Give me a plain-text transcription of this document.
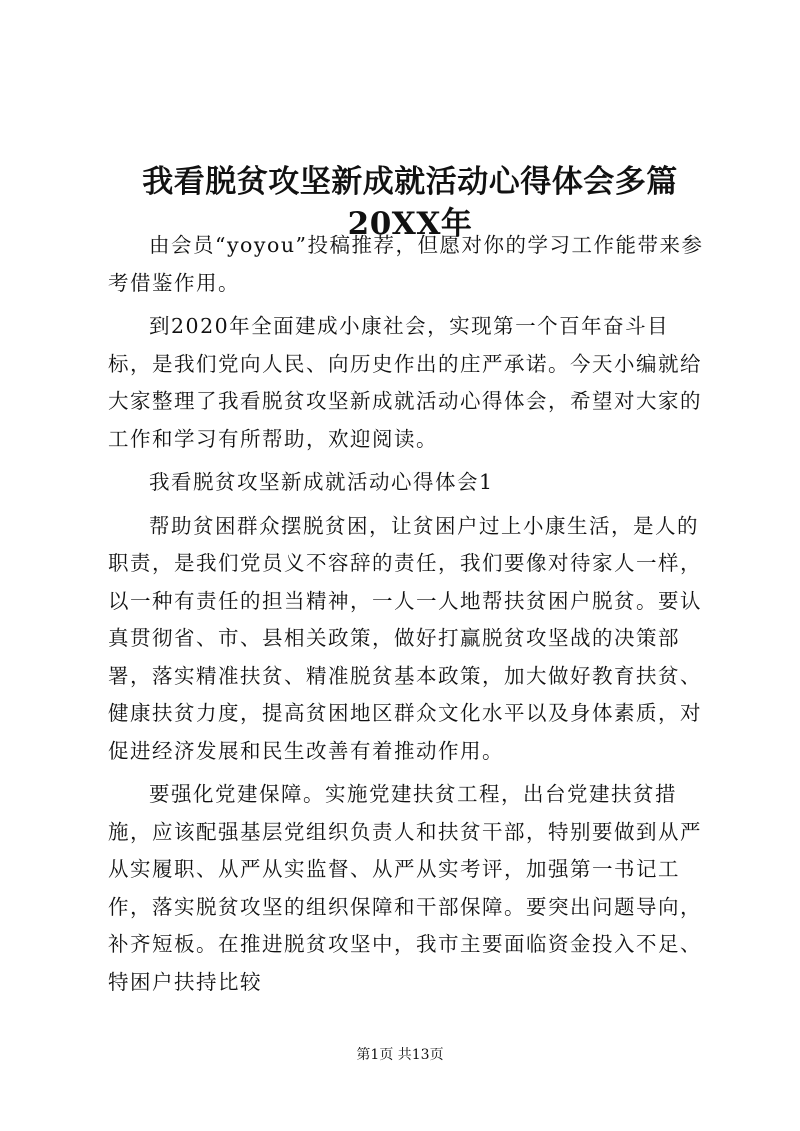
我看脱贫攻坚新成就活动心得体会多篇20XX年

由会员“yoyou”投稿推荐，但愿对你的学习工作能带来参考借鉴作用。

到2020年全面建成小康社会，实现第一个百年奋斗目标，是我们党向人民、向历史作出的庄严承诺。今天小编就给大家整理了我看脱贫攻坚新成就活动心得体会，希望对大家的工作和学习有所帮助，欢迎阅读。

我看脱贫攻坚新成就活动心得体会1

帮助贫困群众摆脱贫困，让贫困户过上小康生活，是人的职责，是我们党员义不容辞的责任，我们要像对待家人一样，以一种有责任的担当精神，一人一人地帮扶贫困户脱贫。要认真贯彻省、市、县相关政策，做好打赢脱贫攻坚战的决策部署，落实精准扶贫、精准脱贫基本政策，加大做好教育扶贫、健康扶贫力度，提高贫困地区群众文化水平以及身体素质，对促进经济发展和民生改善有着推动作用。

要强化党建保障。实施党建扶贫工程，出台党建扶贫措施，应该配强基层党组织负责人和扶贫干部，特别要做到从严从实履职、从严从实监督、从严从实考评，加强第一书记工作，落实脱贫攻坚的组织保障和干部保障。要突出问题导向，补齐短板。在推进脱贫攻坚中，我市主要面临资金投入不足、特困户扶持比较

第1页 共13页
